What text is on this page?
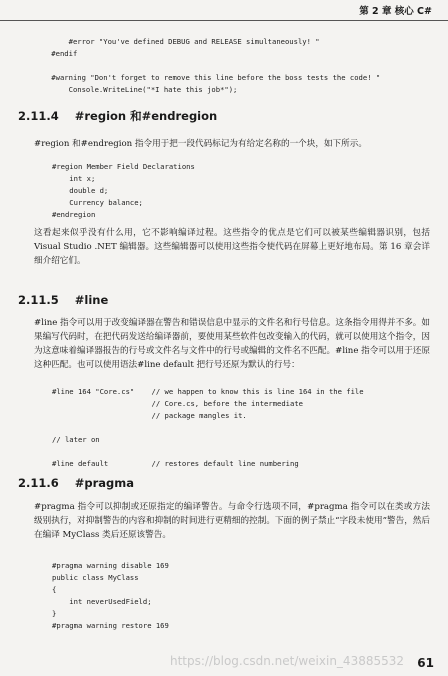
第 2 章 核心 C#
#error "You've defined DEBUG and RELEASE simultaneously! "
#endif

#warning "Don't forget to remove this line before the boss tests the code! "
Console.WriteLine("*I hate this job*");
2.11.4 #region 和#endregion

#region 和#endregion 指令用于把一段代码标记为有给定名称的一个块，如下所示。

#region Member Field Declarations
int x;
double d;
Currency balance;
#endregion

这看起来似乎没有什么用，它不影响编译过程。这些指令的优点是它们可以被某些编辑器识别，包括 Visual Studio .NET 编辑器。这些编辑器可以使用这些指令使代码在屏幕上更好地布局。第 16 章会详细介绍它们。

2.11.5 #line

#line 指令可以用于改变编译器在警告和错误信息中显示的文件名和行号信息。这条指令用得并不多。如果编写代码时，在把代码发送给编译器前，要使用某些软件包改变输入的代码，就可以使用这个指令，因为这意味着编译器报告的行号或文件名与文件中的行号或编辑的文件名不匹配。#line 指令可以用于还原这种匹配。也可以使用语法#line default 把行号还原为默认的行号：

#line 164 "Core.cs"    // we happen to know this is line 164 in the file
// Core.cs, before the intermediate
// package mangles it.

// later on

#line default          // restores default line numbering
2.11.6 #pragma

#pragma 指令可以抑制或还原指定的编译警告。与命令行选项不同，#pragma 指令可以在类或方法级别执行，对抑制警告的内容和抑制的时间进行更精细的控制。下面的例子禁止“字段未使用”警告，然后在编译 MyClass 类后还原该警告。

#pragma warning disable 169
public class MyClass
{
int neverUsedField;
}
#pragma warning restore 169
https://blog.csdn.net/weixin_43885532 61
